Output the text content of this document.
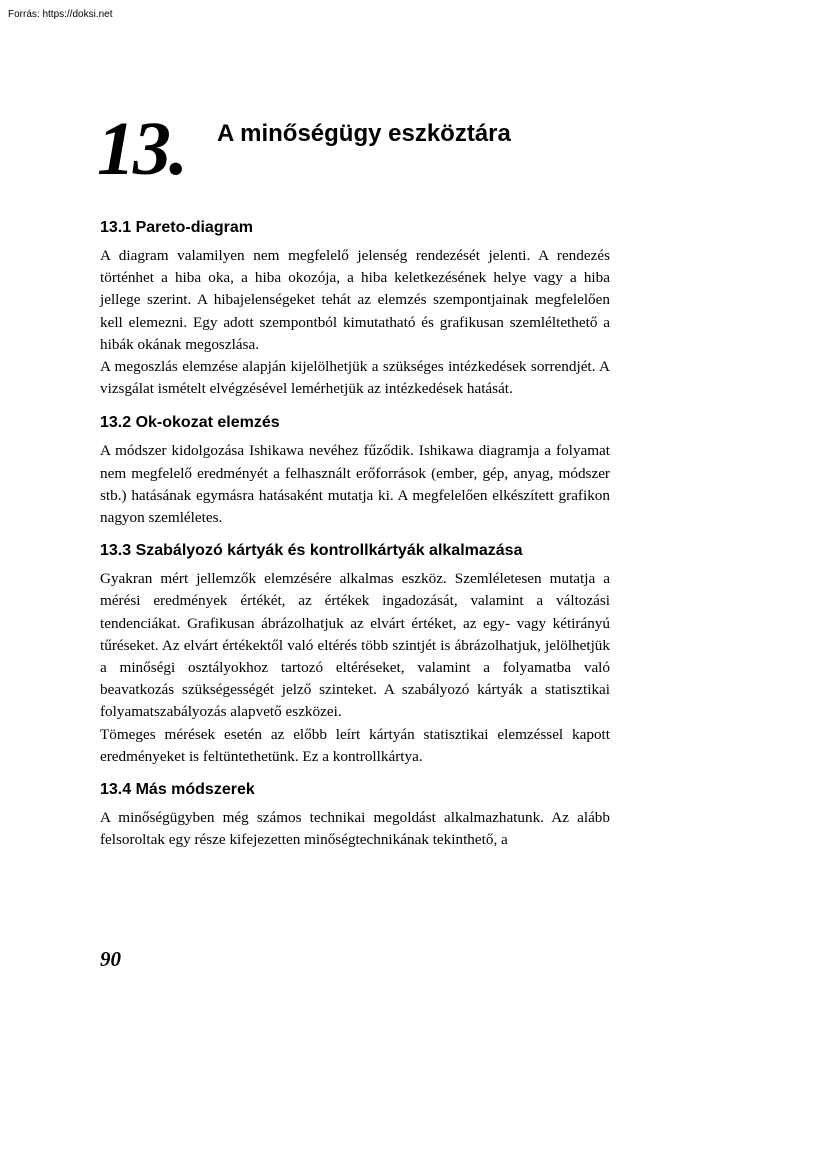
Forrás: https://doksi.net
13. A minőségügy eszköztára
13.1 Pareto-diagram

A diagram valamilyen nem megfelelő jelenség rendezését jelenti. A rendezés történhet a hiba oka, a hiba okozója, a hiba keletkezésének helye vagy a hiba jellege szerint. A hibajelenségeket tehát az elemzés szempontjainak megfelelően kell elemezni. Egy adott szempontból kimutatható és grafikusan szemléltethető a hibák okának megoszlása.

A megoszlás elemzése alapján kijelölhetjük a szükséges intézkedések sorrendjét. A vizsgálat ismételt elvégzésével lemérhetjük az intézkedések hatását.

13.2 Ok-okozat elemzés

A módszer kidolgozása Ishikawa nevéhez fűződik. Ishikawa diagramja a folyamat nem megfelelő eredményét a felhasznált erőforrások (ember, gép, anyag, módszer stb.) hatásának egymásra hatásaként mutatja ki. A megfelelően elkészített grafikon nagyon szemléletes.

13.3 Szabályozó kártyák és kontrollkártyák alkalmazása

Gyakran mért jellemzők elemzésére alkalmas eszköz. Szemléletesen mutatja a mérési eredmények értékét, az értékek ingadozását, valamint a változási tendenciákat. Grafikusan ábrázolhatjuk az elvárt értéket, az egy- vagy kétirányú tűréseket. Az elvárt értékektől való eltérés több szintjét is ábrázolhatjuk, jelölhetjük a minőségi osztályokhoz tartozó eltéréseket, valamint a folyamatba való beavatkozás szükségességét jelző szinteket. A szabályozó kártyák a statisztikai folyamatszabályozás alapvető eszközei.

Tömeges mérések esetén az előbb leírt kártyán statisztikai elemzéssel kapott eredményeket is feltüntethetünk. Ez a kontrollkártya.

13.4 Más módszerek

A minőségügyben még számos technikai megoldást alkalmazhatunk. Az alább felsoroltak egy része kifejezetten minőségtechnikának tekinthető, a

90
